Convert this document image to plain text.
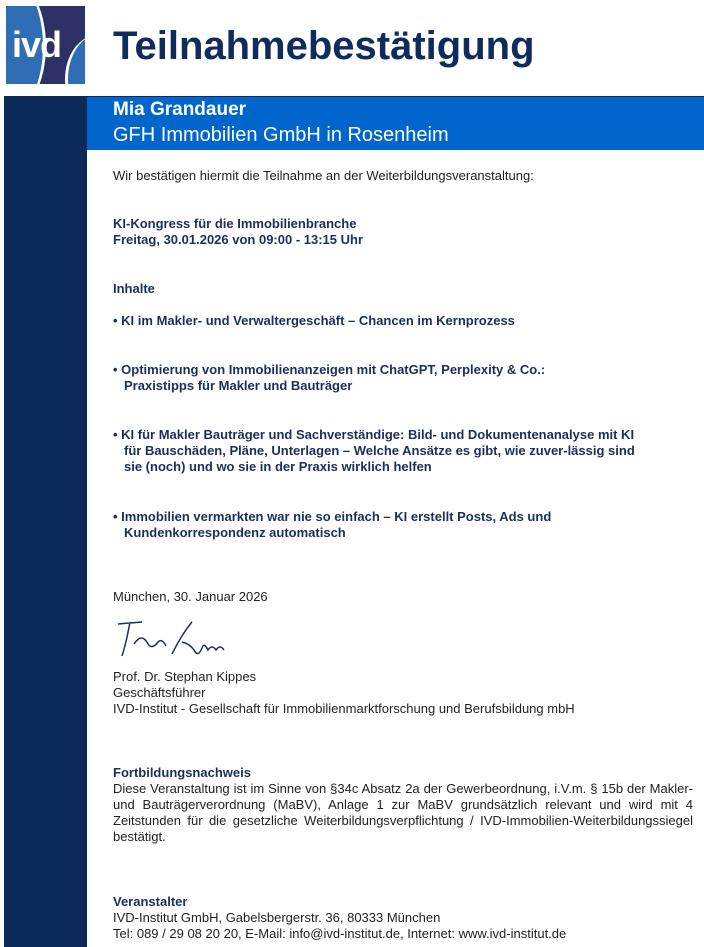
ivd Teilnahmebestätigung
Mia Grandauer
GFH Immobilien GmbH in Rosenheim
Wir bestätigen hiermit die Teilnahme an der Weiterbildungsveranstaltung:
KI-Kongress für die Immobilienbranche
Freitag, 30.01.2026 von 09:00 - 13:15 Uhr
Inhalte
• KI im Makler- und Verwaltergeschäft – Chancen im Kernprozess
• Optimierung von Immobilienanzeigen mit ChatGPT, Perplexity & Co.: Praxistipps für Makler und Bauträger
• KI für Makler Bauträger und Sachverständige: Bild- und Dokumentenanalyse mit KI für Bauschäden, Pläne, Unterlagen – Welche Ansätze es gibt, wie zuver-lässig sind sie (noch) und wo sie in der Praxis wirklich helfen
• Immobilien vermarkten war nie so einfach – KI erstellt Posts, Ads und Kundenkorrespondenz automatisch
München, 30. Januar 2026
Prof. Dr. Stephan Kippes
Geschäftsführer
IVD-Institut - Gesellschaft für Immobilienmarktforschung und Berufsbildung mbH
Fortbildungsnachweis
Diese Veranstaltung ist im Sinne von §34c Absatz 2a der Gewerbeordnung, i.V.m. § 15b der Makler- und Bauträgerverordnung (MaBV), Anlage 1 zur MaBV grundsätzlich relevant und wird mit 4 Zeitstunden für die gesetzliche Weiterbildungsverpflichtung / IVD-Immobilien-Weiterbildungssiegel bestätigt.
Veranstalter
IVD-Institut GmbH, Gabelsbergerstr. 36, 80333 München
Tel: 089 / 29 08 20 20, E-Mail: info@ivd-institut.de, Internet: www.ivd-institut.de
